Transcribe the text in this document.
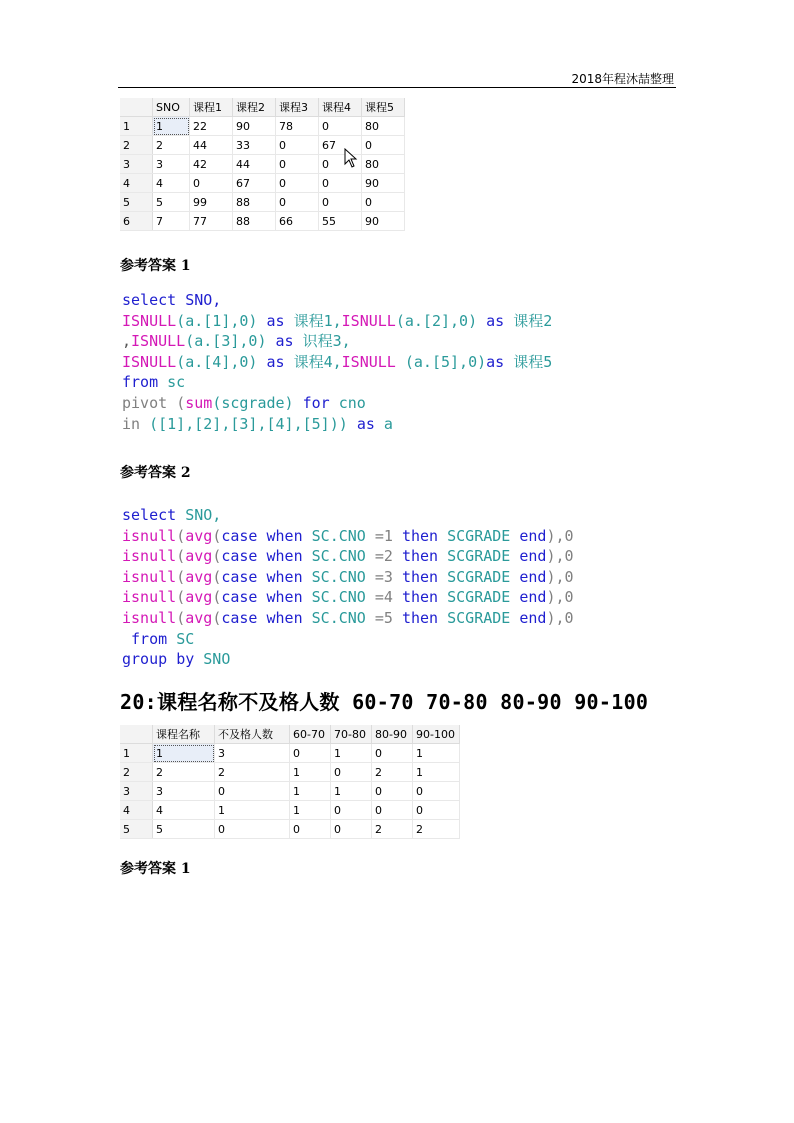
2018年程沐喆整理
	SNO	课程1	课程2	课程3	课程4	课程5
1	1	22	90	78	0	80
2	2	44	33	0	67	0
3	3	42	44	0	0	80
4	4	0	67	0	0	90
5	5	99	88	0	0	0
6	7	77	88	66	55	90
参考答案 1
select SNO,
ISNULL(a.[1],0) as 课程1,ISNULL(a.[2],0) as 课程2
,ISNULL(a.[3],0) as 识程3,
ISNULL(a.[4],0) as 课程4,ISNULL (a.[5],0)as 课程5
from sc
pivot (sum(scgrade) for cno
in ([1],[2],[3],[4],[5])) as a
参考答案 2
select SNO,
isnull(avg(case when SC.CNO =1 then SCGRADE end),0
isnull(avg(case when SC.CNO =2 then SCGRADE end),0
isnull(avg(case when SC.CNO =3 then SCGRADE end),0
isnull(avg(case when SC.CNO =4 then SCGRADE end),0
isnull(avg(case when SC.CNO =5 then SCGRADE end),0
from SC
group by SNO
20:课程名称不及格人数 60-70 70-80 80-90 90-100
	课程名称	不及格人数	60-70	70-80	80-90	90-100
1	1	3	0	1	0	1
2	2	2	1	0	2	1
3	3	0	1	1	0	0
4	4	1	1	0	0	0
5	5	0	0	0	2	2
参考答案 1
